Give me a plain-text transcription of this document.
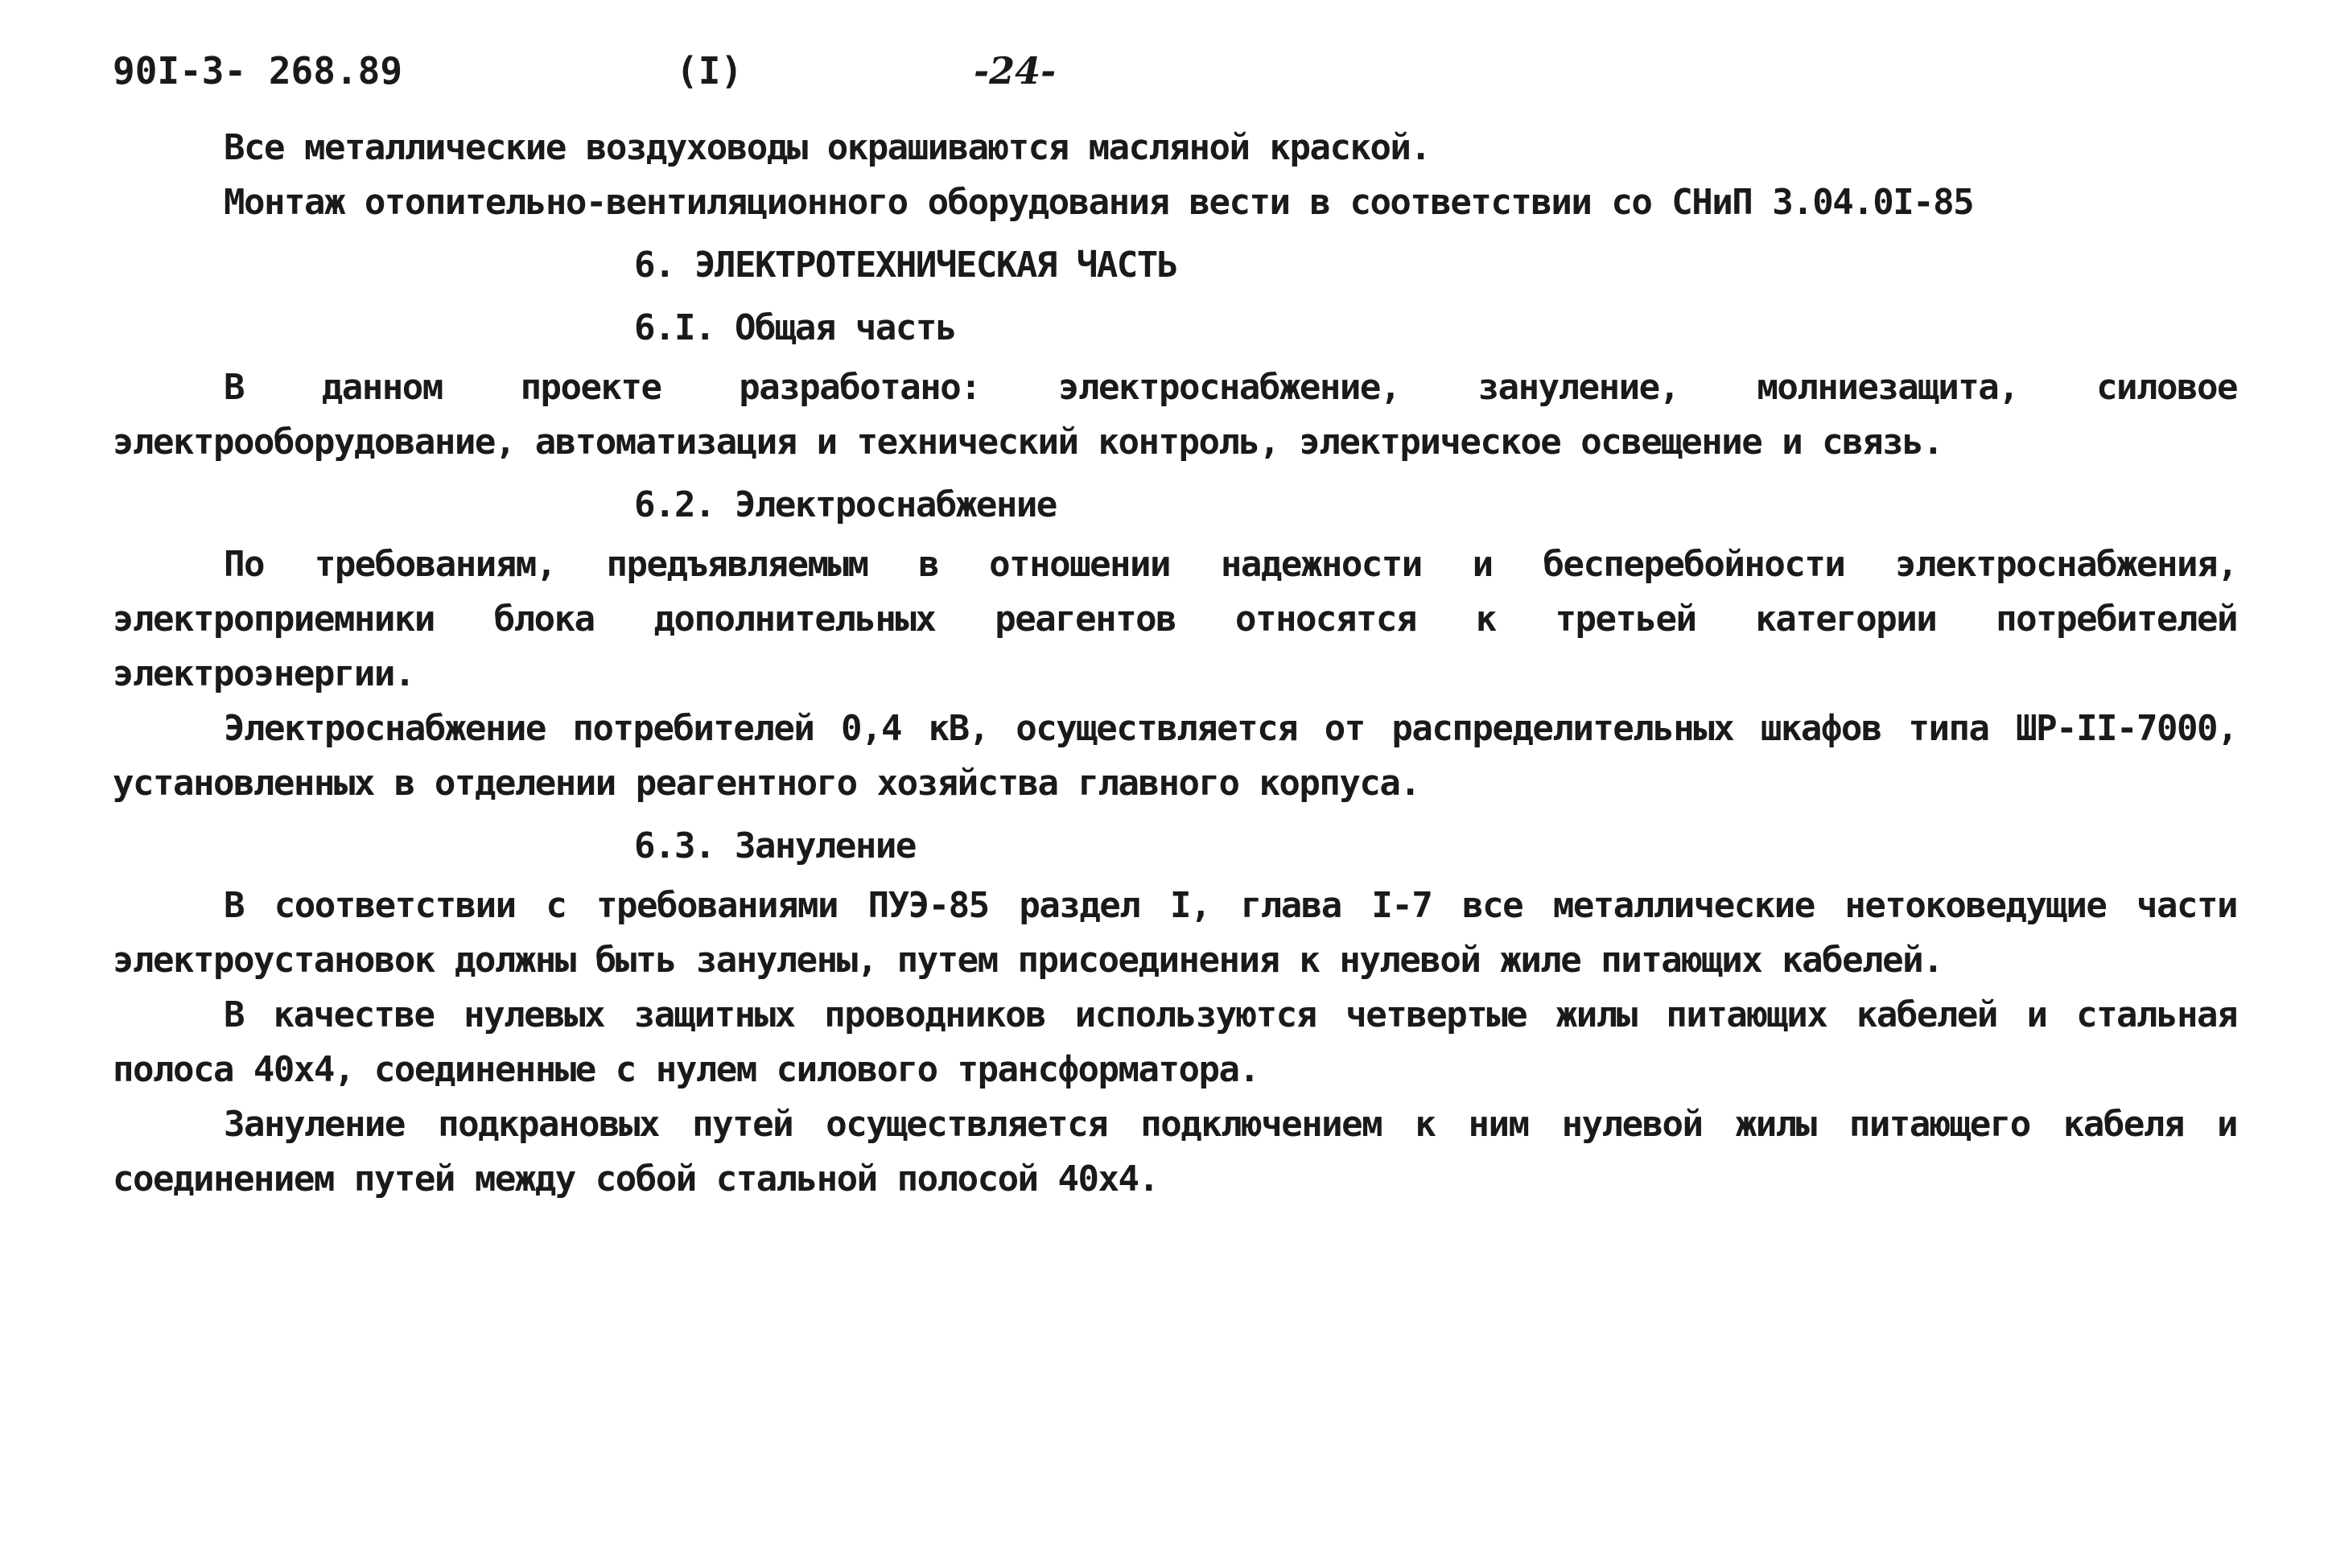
90I-3- 268.89	(I)	-24-

Все металлические воздуховоды окрашиваются масляной краской.

Монтаж отопительно-вентиляционного оборудования вести в соответствии со СНиП 3.04.0I-85

6. ЭЛЕКТРОТЕХНИЧЕСКАЯ ЧАСТЬ
6.I. Общая часть

В данном проекте разработано: электроснабжение, зануление, молниезащита, силовое электрооборудование, автоматизация и технический контроль, электрическое освещение и связь.

6.2. Электроснабжение

По требованиям, предъявляемым в отношении надежности и бесперебойности электроснабжения, электроприемники блока дополнительных реагентов относятся к третьей категории потребителей электроэнергии.

Электроснабжение потребителей 0,4 кВ, осуществляется от распределительных шкафов типа ШР-II-7000, установленных в отделении реагентного хозяйства главного корпуса.

6.3. Зануление

В соответствии с требованиями ПУЭ-85 раздел I, глава I-7 все металлические нетоковедущие части электроустановок должны быть занулены, путем присоединения к нулевой жиле питающих кабелей.

В качестве нулевых защитных проводников используются четвертые жилы питающих кабелей и стальная полоса 40х4, соединенные с нулем силового трансформатора.

Зануление подкрановых путей осуществляется подключением к ним нулевой жилы питающего кабеля и соединением путей между собой стальной полосой 40х4.
